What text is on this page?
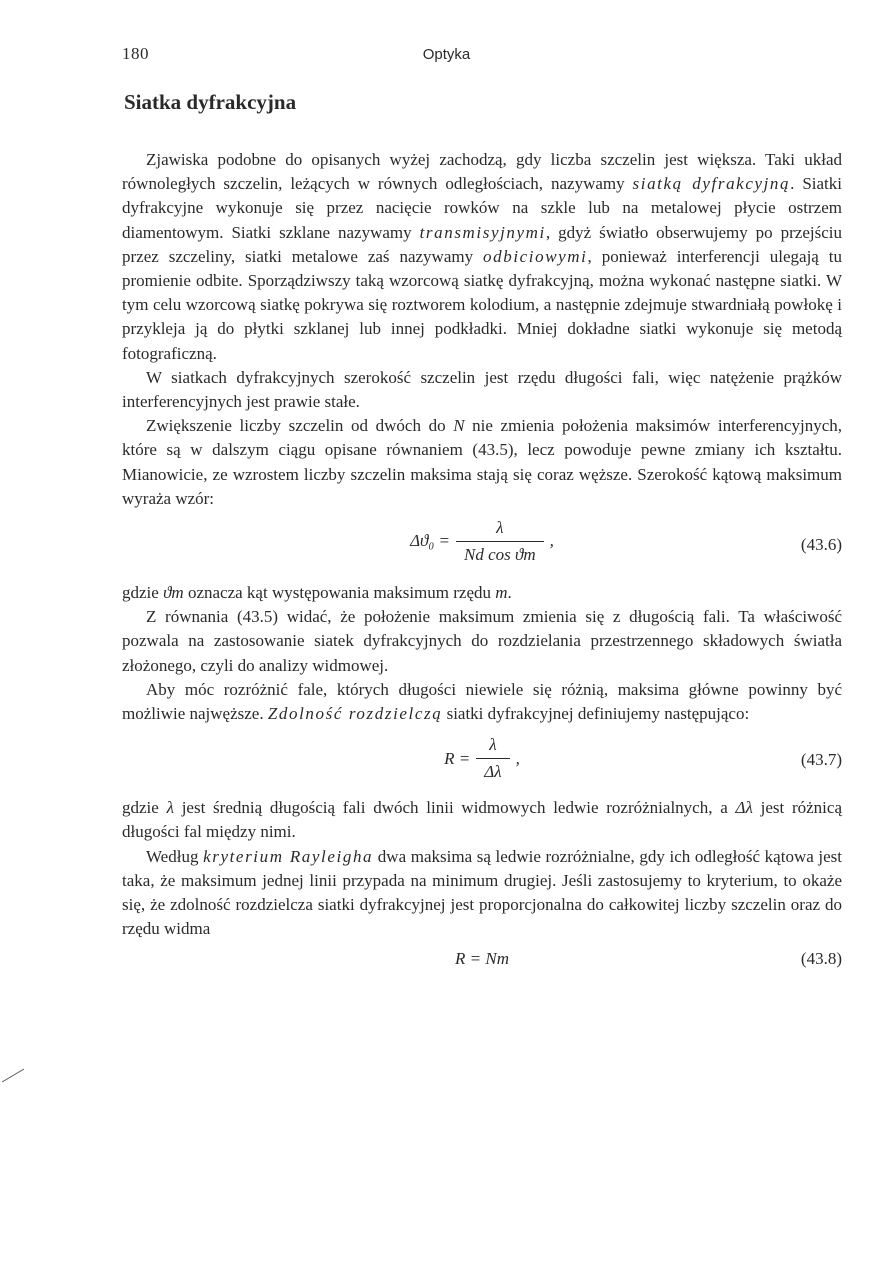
180	Optyka
Siatka dyfrakcyjna

Zjawiska podobne do opisanych wyżej zachodzą, gdy liczba szczelin jest większa. Taki układ równoległych szczelin, leżących w równych odległościach, nazywamy siatką dyfrakcyjną. Siatki dyfrakcyjne wykonuje się przez nacięcie rowków na szkle lub na metalowej płycie ostrzem diamentowym. Siatki szklane nazywamy transmisyjnymi, gdyż światło obserwujemy po przejściu przez szczeliny, siatki metalowe zaś nazywamy odbiciowymi, ponieważ interferencji ulegają tu promienie odbite. Sporządziwszy taką wzorcową siatkę dyfrakcyjną, można wykonać następne siatki. W tym celu wzorcową siatkę pokrywa się roztworem kolodium, a następnie zdejmuje stwardniałą powłokę i przykleja ją do płytki szklanej lub innej podkładki. Mniej dokładne siatki wykonuje się metodą fotograficzną.

W siatkach dyfrakcyjnych szerokość szczelin jest rzędu długości fali, więc natężenie prążków interferencyjnych jest prawie stałe.

Zwiększenie liczby szczelin od dwóch do N nie zmienia położenia maksimów interferencyjnych, które są w dalszym ciągu opisane równaniem (43.5), lecz powoduje pewne zmiany ich kształtu. Mianowicie, ze wzrostem liczby szczelin maksima stają się coraz węższe. Szerokość kątową maksimum wyraża wzór:

$\Delta ϑ_0 = \frac{\lambda}{\text{Nd cos ϑm}}$ ,	(43.6)

gdzie ϑm oznacza kąt występowania maksimum rzędu m.

Z równania (43.5) widać, że położenie maksimum zmienia się z długością fali. Ta właściwość pozwala na zastosowanie siatek dyfrakcyjnych do rozdzielania przestrzennego składowych światła złożonego, czyli do analizy widmowej.

Aby móc rozróżnić fale, których długości niewiele się różnią, maksima główne powinny być możliwie najwęższe. Zdolność rozdzielczą siatki dyfrakcyjnej definiujemy następująco:

$R = \frac{\lambda}{\Delta\lambda}$ ,	(43.7)

gdzie λ jest średnią długością fali dwóch linii widmowych ledwie rozróżnialnych, a Δλ jest różnicą długości fal między nimi.

Według kryterium Rayleigha dwa maksima są ledwie rozróżnialne, gdy ich odległość kątowa jest taka, że maksimum jednej linii przypada na minimum drugiej. Jeśli zastosujemy to kryterium, to okaże się, że zdolność rozdzielcza siatki dyfrakcyjnej jest proporcjonalna do całkowitej liczby szczelin oraz do rzędu widma

R = Nm	(43.8)
